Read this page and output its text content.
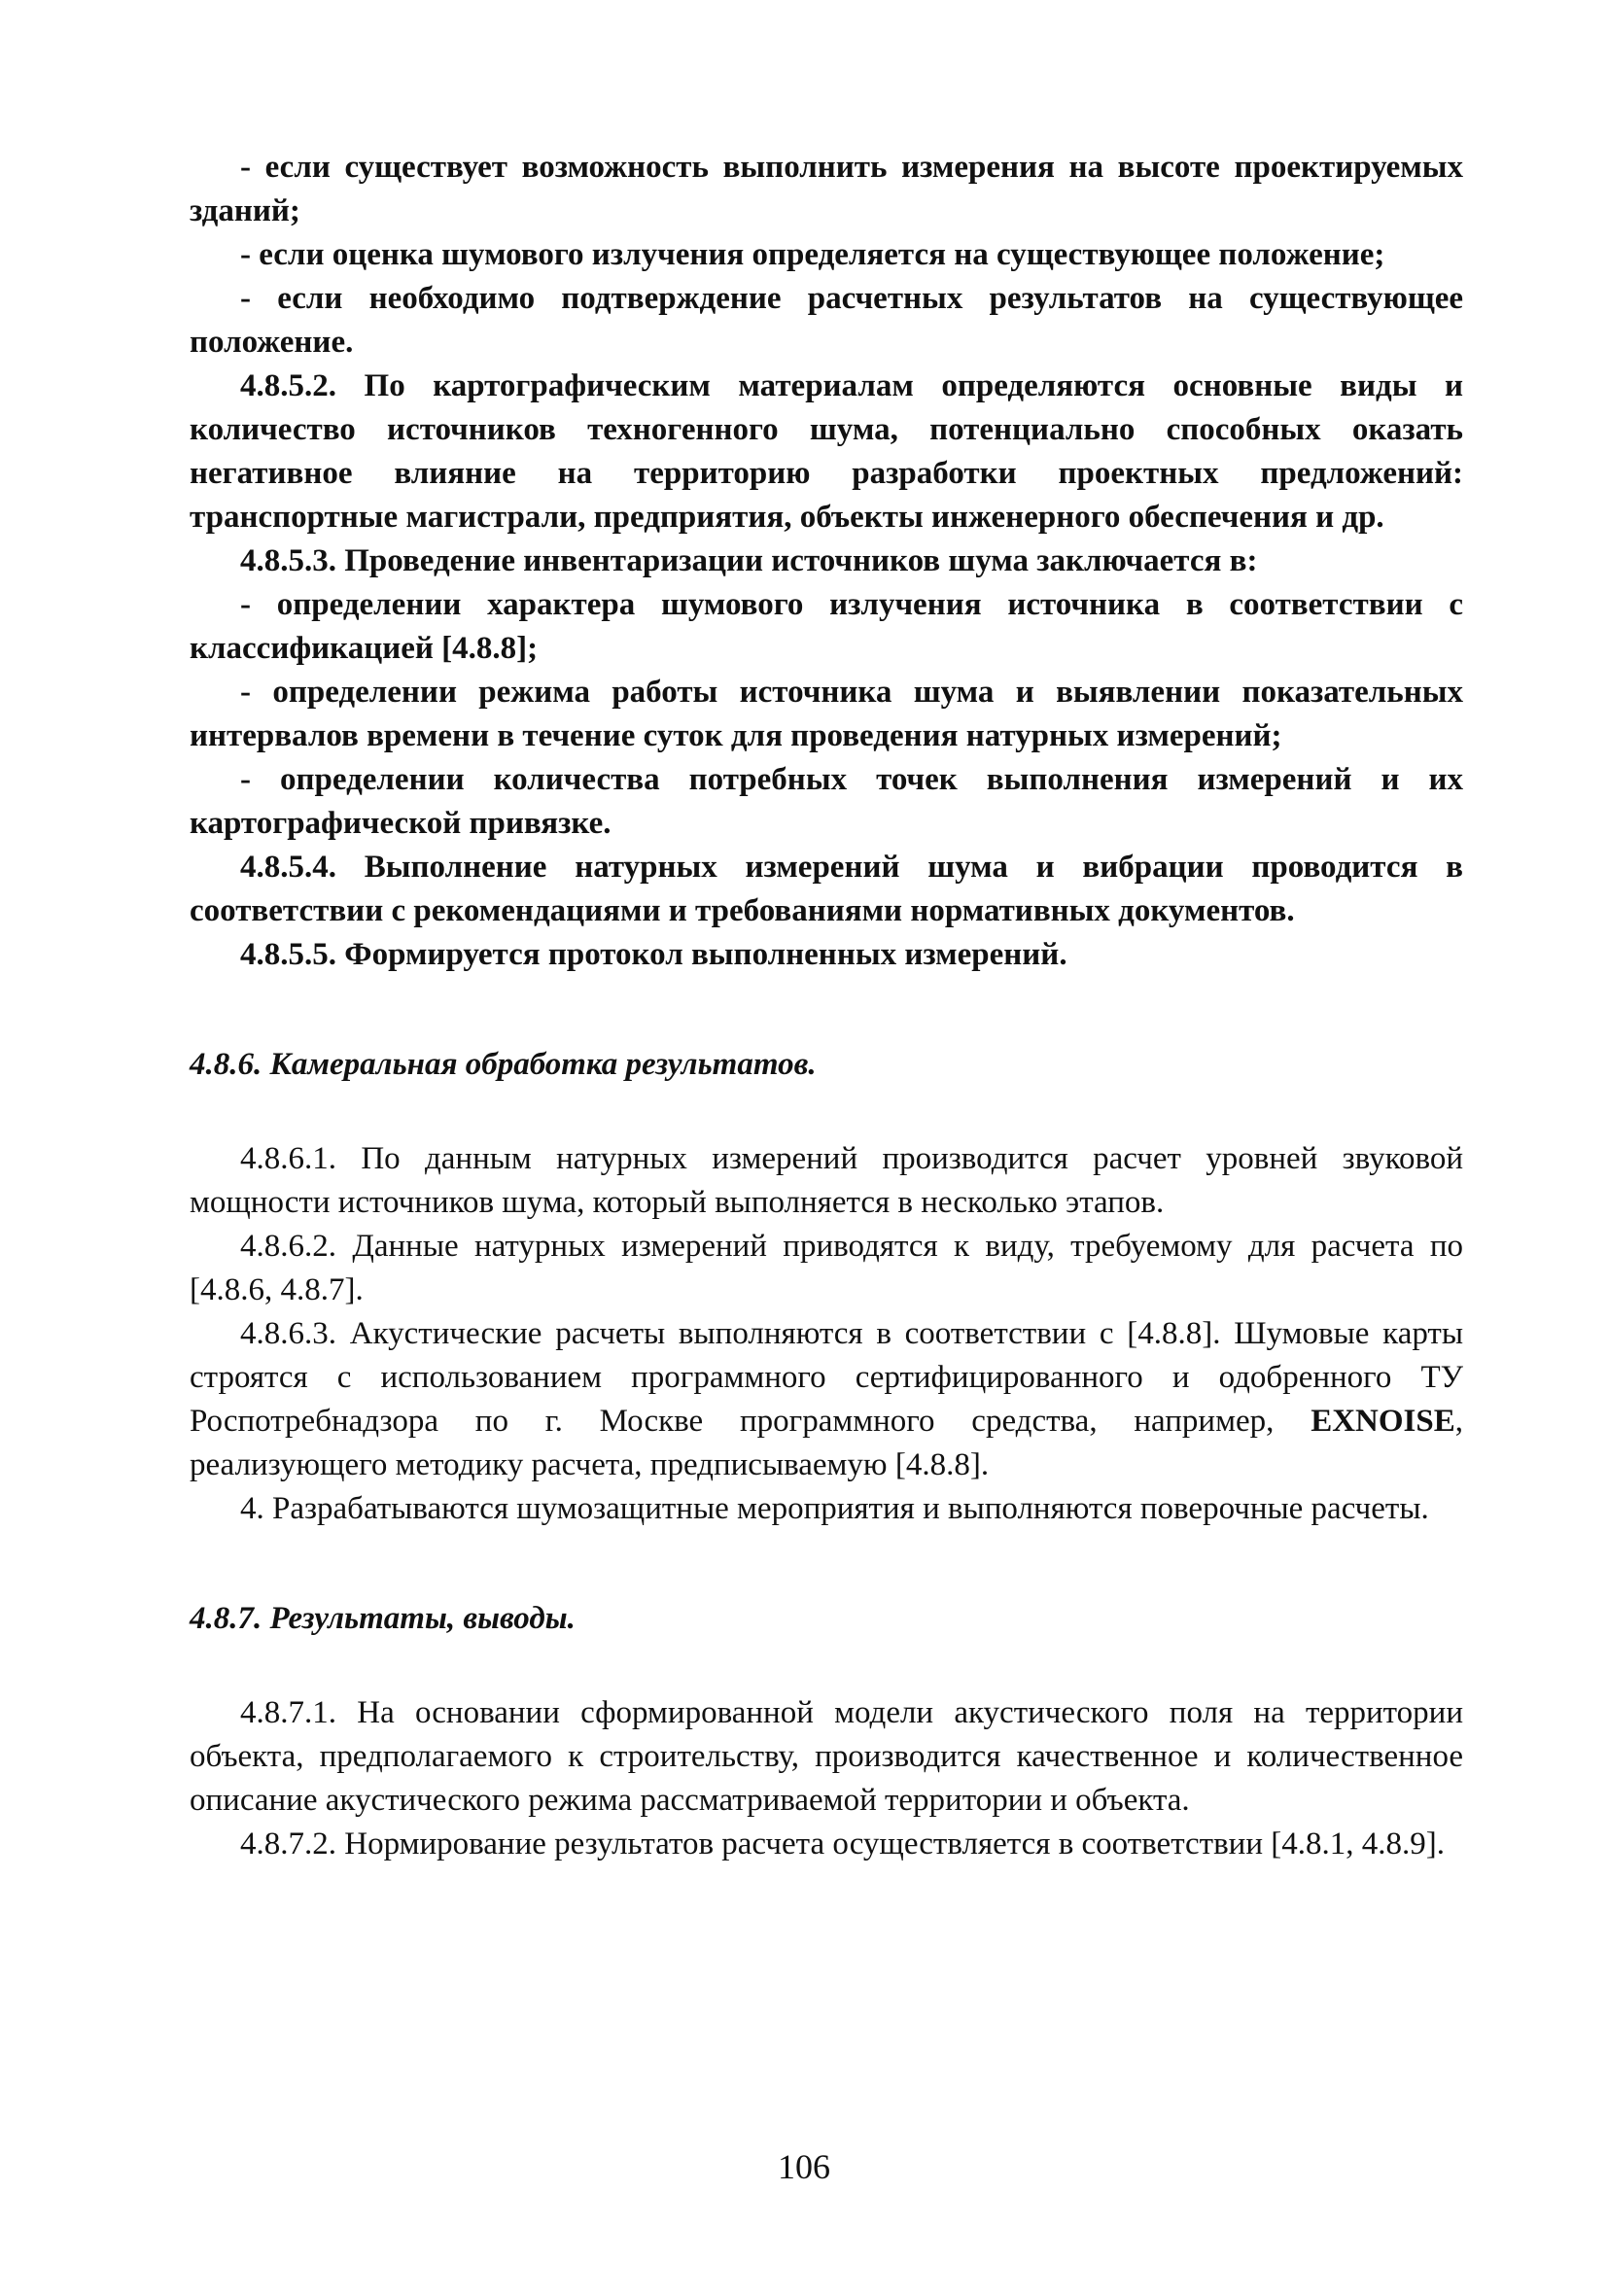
- если существует возможность выполнить измерения на высоте проектируемых зданий;

- если оценка шумового излучения определяется на существующее положение;

- если необходимо подтверждение расчетных результатов на существующее положение.

4.8.5.2. По картографическим материалам определяются основные виды и количество источников техногенного шума, потенциально способных оказать негативное влияние на территорию разработки проектных предложений: транспортные магистрали, предприятия, объекты инженерного обеспечения и др.

4.8.5.3. Проведение инвентаризации источников шума заключается в:

- определении характера шумового излучения источника в соответствии с классификацией [4.8.8];

- определении режима работы источника шума и выявлении показательных интервалов времени в течение суток для проведения натурных измерений;

- определении количества потребных точек выполнения измерений и их картографической привязке.

4.8.5.4. Выполнение натурных измерений шума и вибрации проводится в соответствии с рекомендациями и требованиями нормативных документов.

4.8.5.5. Формируется протокол выполненных измерений.

4.8.6. Камеральная обработка результатов.

4.8.6.1. По данным натурных измерений производится расчет уровней звуковой мощности источников шума, который выполняется в несколько этапов.

4.8.6.2. Данные натурных измерений приводятся к виду, требуемому для расчета по [4.8.6, 4.8.7].

4.8.6.3. Акустические расчеты выполняются в соответствии с [4.8.8]. Шумовые карты строятся с использованием программного сертифицированного и одобренного ТУ Роспотребнадзора по г. Москве программного средства, например, EXNOISE, реализующего методику расчета, предписываемую [4.8.8].

4. Разрабатываются шумозащитные мероприятия и выполняются поверочные расчеты.

4.8.7. Результаты, выводы.

4.8.7.1. На основании сформированной модели акустического поля на территории объекта, предполагаемого к строительству, производится качественное и количественное описание акустического режима рассматриваемой территории и объекта.

4.8.7.2. Нормирование результатов расчета осуществляется в соответствии [4.8.1, 4.8.9].

106
